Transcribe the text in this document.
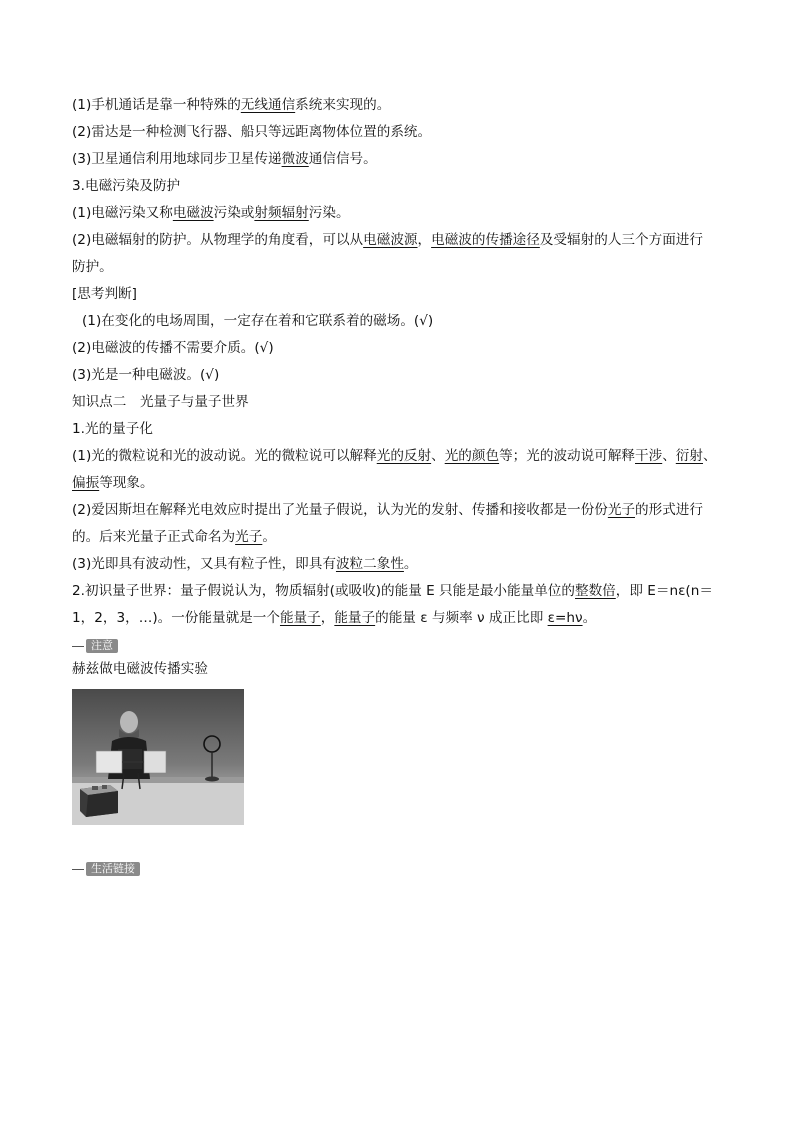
(1)手机通话是靠一种特殊的无线通信系统来实现的。

(2)雷达是一种检测飞行器、船只等远距离物体位置的系统。

(3)卫星通信利用地球同步卫星传递微波通信信号。

3.电磁污染及防护

(1)电磁污染又称电磁波污染或射频辐射污染。

(2)电磁辐射的防护。从物理学的角度看，可以从电磁波源，电磁波的传播途径及受辐射的人三个方面进行

防护。

[思考判断]

(1)在变化的电场周围，一定存在着和它联系着的磁场。(√)

(2)电磁波的传播不需要介质。(√)

(3)光是一种电磁波。(√)

知识点二　光量子与量子世界

1.光的量子化

(1)光的微粒说和光的波动说。光的微粒说可以解释光的反射、光的颜色等；光的波动说可解释干涉、衍射、

偏振等现象。

(2)爱因斯坦在解释光电效应时提出了光量子假说，认为光的发射、传播和接收都是一份份光子的形式进行

的。后来光量子正式命名为光子。

(3)光即具有波动性，又具有粒子性，即具有波粒二象性。

2.初识量子世界：量子假说认为，物质辐射(或吸收)的能量 E 只能是最小能量单位的整数倍，即 E＝nε(n＝

1，2，3，…)。一份能量就是一个能量子，能量子的能量 ε 与频率 ν 成正比即 ε=hν。

注意

赫兹做电磁波传播实验

生活链接
